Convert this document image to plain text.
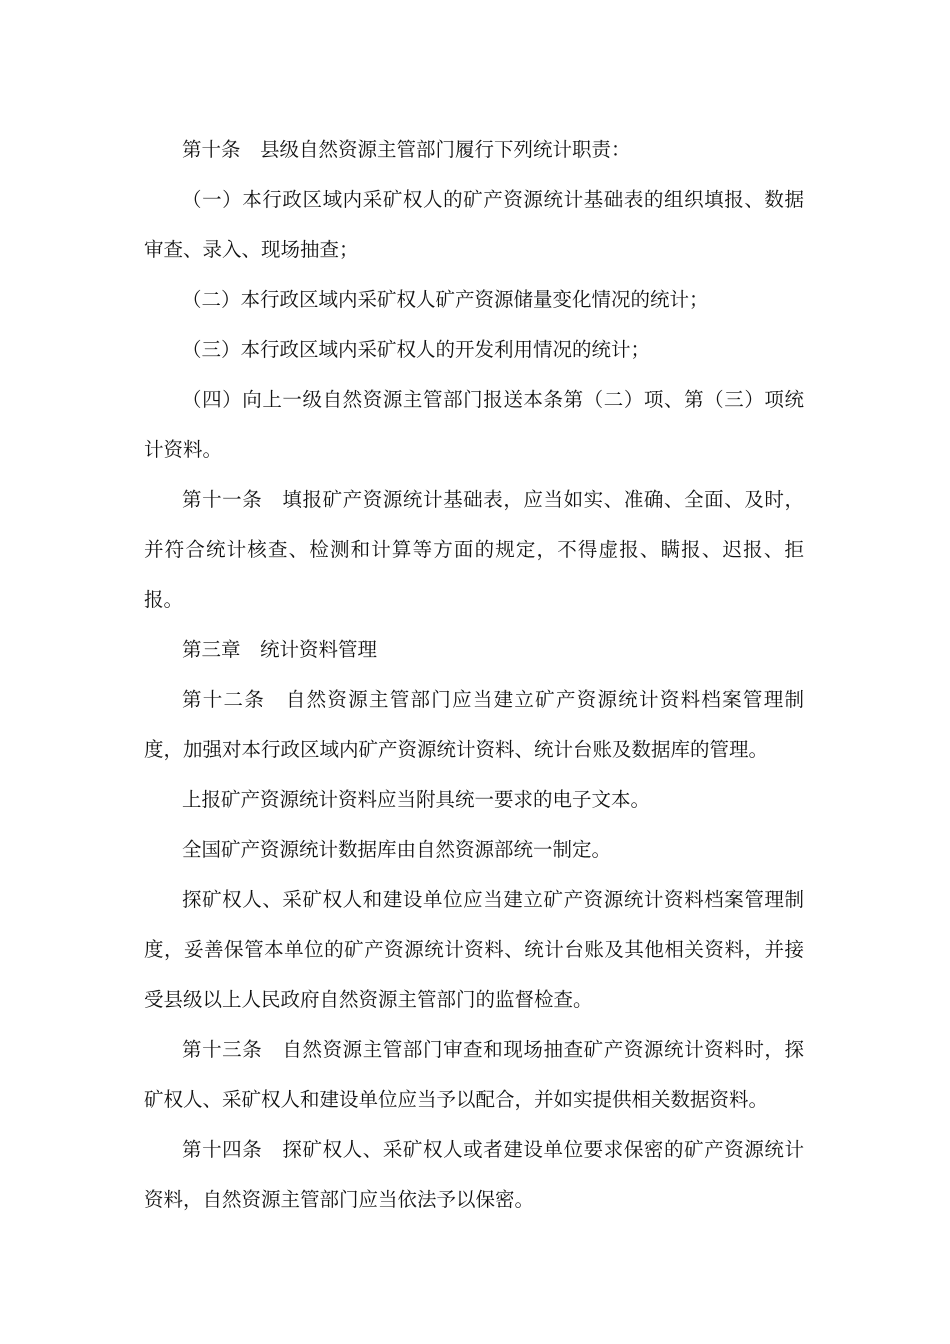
第十条　县级自然资源主管部门履行下列统计职责：

（一）本行政区域内采矿权人的矿产资源统计基础表的组织填报、数据审查、录入、现场抽查；

（二）本行政区域内采矿权人矿产资源储量变化情况的统计；

（三）本行政区域内采矿权人的开发利用情况的统计；

（四）向上一级自然资源主管部门报送本条第（二）项、第（三）项统计资料。

第十一条　填报矿产资源统计基础表，应当如实、准确、全面、及时，并符合统计核查、检测和计算等方面的规定，不得虚报、瞒报、迟报、拒报。

第三章　统计资料管理

第十二条　自然资源主管部门应当建立矿产资源统计资料档案管理制度，加强对本行政区域内矿产资源统计资料、统计台账及数据库的管理。

上报矿产资源统计资料应当附具统一要求的电子文本。

全国矿产资源统计数据库由自然资源部统一制定。

探矿权人、采矿权人和建设单位应当建立矿产资源统计资料档案管理制度，妥善保管本单位的矿产资源统计资料、统计台账及其他相关资料，并接受县级以上人民政府自然资源主管部门的监督检查。

第十三条　自然资源主管部门审查和现场抽查矿产资源统计资料时，探矿权人、采矿权人和建设单位应当予以配合，并如实提供相关数据资料。

第十四条　探矿权人、采矿权人或者建设单位要求保密的矿产资源统计资料，自然资源主管部门应当依法予以保密。
